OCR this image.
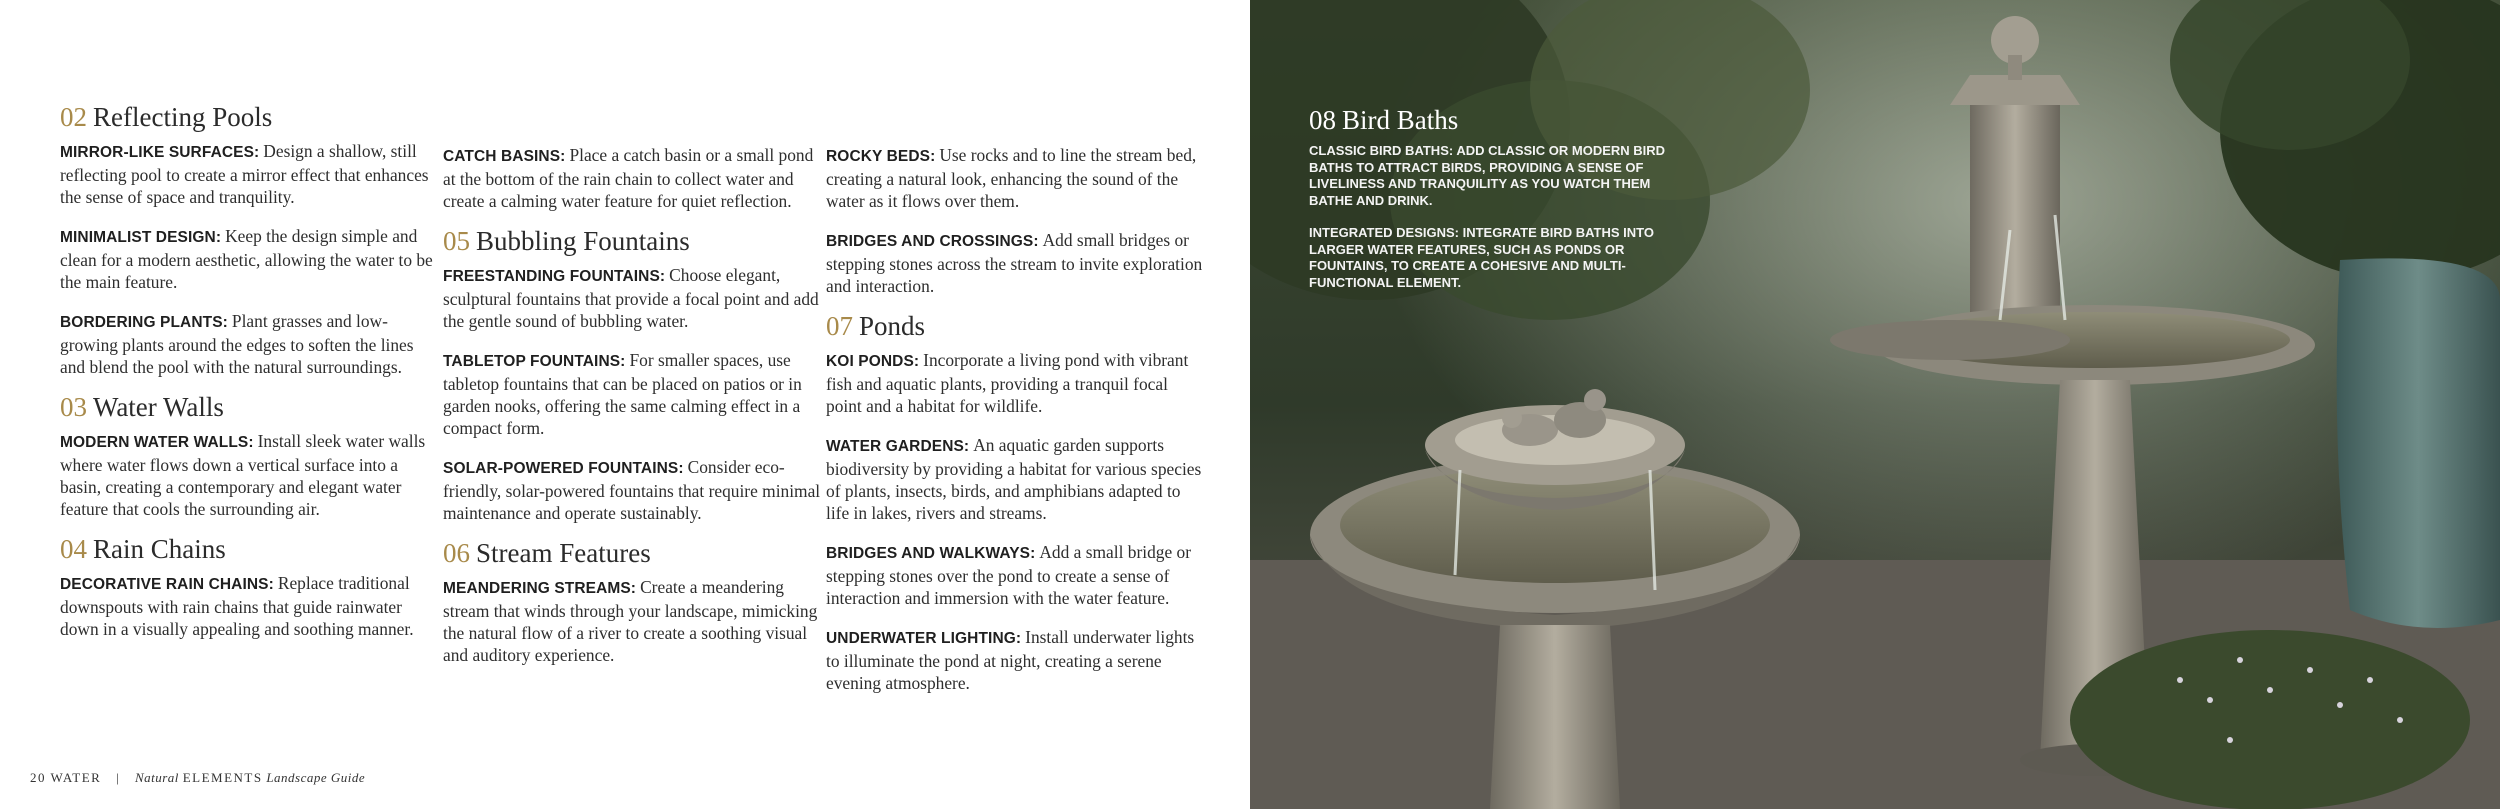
02 Reflecting Pools

MIRROR-LIKE SURFACES: Design a shallow, still reflecting pool to create a mirror effect that enhances the sense of space and tranquility.

MINIMALIST DESIGN: Keep the design simple and clean for a modern aesthetic, allowing the water to be the main feature.

BORDERING PLANTS: Plant grasses and low-growing plants around the edges to soften the lines and blend the pool with the natural surroundings.

03 Water Walls

MODERN WATER WALLS: Install sleek water walls where water flows down a vertical surface into a basin, creating a contemporary and elegant water feature that cools the surrounding air.

04 Rain Chains

DECORATIVE RAIN CHAINS: Replace traditional downspouts with rain chains that guide rainwater down in a visually appealing and soothing manner.

CATCH BASINS: Place a catch basin or a small pond at the bottom of the rain chain to collect water and create a calming water feature for quiet reflection.

05 Bubbling Fountains

FREESTANDING FOUNTAINS: Choose elegant, sculptural fountains that provide a focal point and add the gentle sound of bubbling water.

TABLETOP FOUNTAINS: For smaller spaces, use tabletop fountains that can be placed on patios or in garden nooks, offering the same calming effect in a compact form.

SOLAR-POWERED FOUNTAINS: Consider eco-friendly, solar-powered fountains that require minimal maintenance and operate sustainably.

06 Stream Features

MEANDERING STREAMS: Create a meandering stream that winds through your landscape, mimicking the natural flow of a river to create a soothing visual and auditory experience.

ROCKY BEDS: Use rocks and to line the stream bed, creating a natural look, enhancing the sound of the water as it flows over them.

BRIDGES AND CROSSINGS: Add small bridges or stepping stones across the stream to invite exploration and interaction.

07 Ponds

KOI PONDS: Incorporate a living pond with vibrant fish and aquatic plants, providing a tranquil focal point and a habitat for wildlife.

WATER GARDENS: An aquatic garden supports biodiversity by providing a habitat for various species of plants, insects, birds, and amphibians adapted to life in lakes, rivers and streams.

BRIDGES AND WALKWAYS: Add a small bridge or stepping stones over the pond to create a sense of interaction and immersion with the water feature.

UNDERWATER LIGHTING: Install underwater lights to illuminate the pond at night, creating a serene evening atmosphere.

20 WATER | Natural ELEMENTS Landscape Guide
08 Bird Baths

CLASSIC BIRD BATHS: ADD CLASSIC OR MODERN BIRD BATHS TO ATTRACT BIRDS, PROVIDING A SENSE OF LIVELINESS AND TRANQUILITY AS YOU WATCH THEM BATHE AND DRINK.

INTEGRATED DESIGNS: INTEGRATE BIRD BATHS INTO LARGER WATER FEATURES, SUCH AS PONDS OR FOUNTAINS, TO CREATE A COHESIVE AND MULTI-FUNCTIONAL ELEMENT.
